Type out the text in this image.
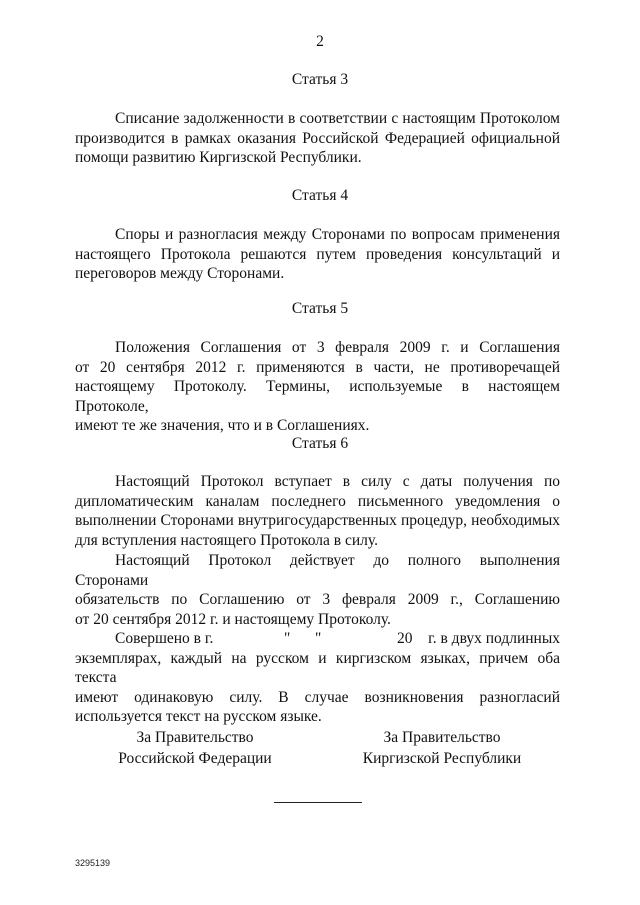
2
Статья 3
Списание задолженности в соответствии с настоящим Протоколом
производится в рамках оказания Российской Федерацией официальной
помощи развитию Киргизской Республики.
Статья 4
Споры и разногласия между Сторонами по вопросам применения
настоящего Протокола решаются путем проведения консультаций и
переговоров между Сторонами.
Статья 5
Положения Соглашения от 3 февраля 2009 г. и Соглашения
от 20 сентября 2012 г. применяются в части, не противоречащей
настоящему Протоколу. Термины, используемые в настоящем Протоколе,
имеют те же значения, что и в Соглашениях.
Статья 6
Настоящий Протокол вступает в силу с даты получения по
дипломатическим каналам последнего письменного уведомления о
выполнении Сторонами внутригосударственных процедур, необходимых
для вступления настоящего Протокола в силу.
Настоящий Протокол действует до полного выполнения Сторонами
обязательств по Соглашению от 3 февраля 2009 г., Соглашению
от 20 сентября 2012 г. и настоящему Протоколу.
Совершено в г.	" "	20 г. в двух подлинных
экземплярах, каждый на русском и киргизском языках, причем оба текста
имеют одинаковую силу. В случае возникновения разногласий
используется текст на русском языке.
За Правительство
Российской Федерации
За Правительство
Киргизской Республики
3295139
